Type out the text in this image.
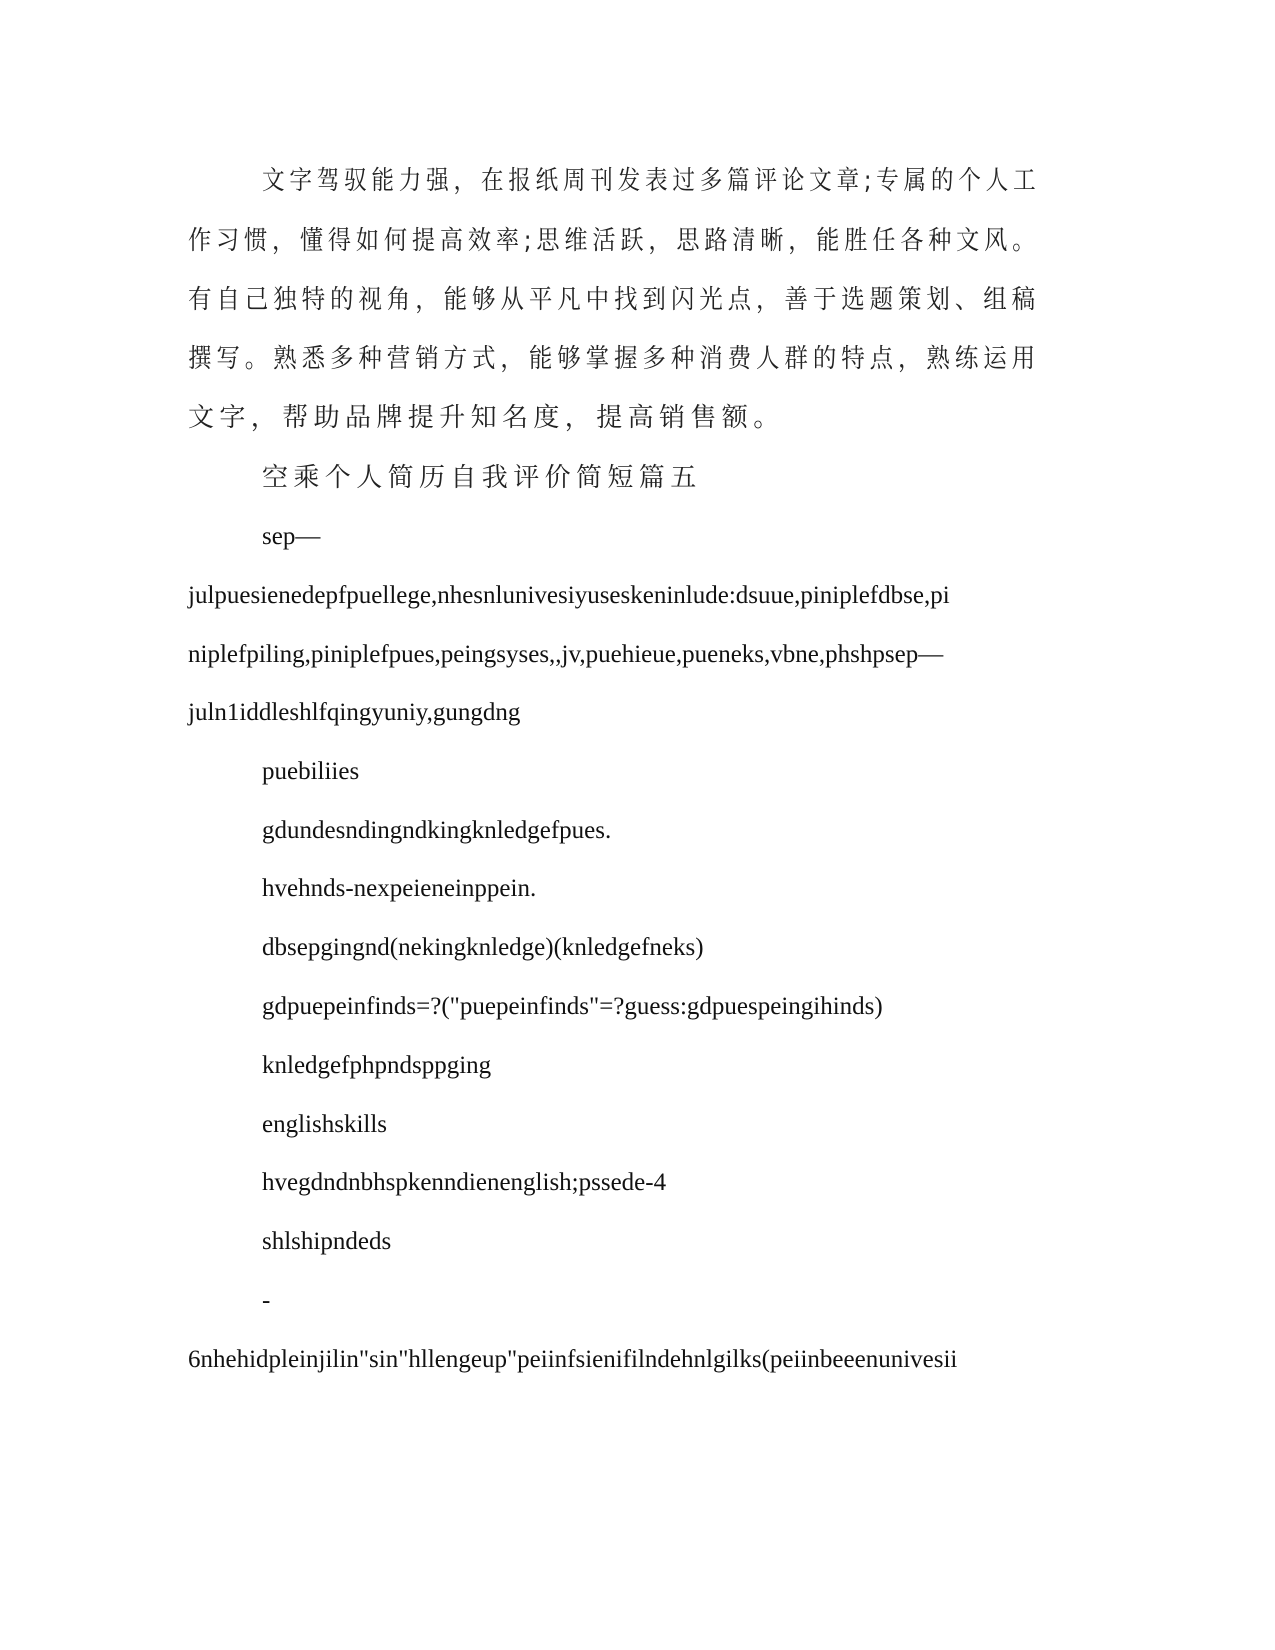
文字驾驭能力强，在报纸周刊发表过多篇评论文章;专属的个人工
作习惯，懂得如何提高效率;思维活跃，思路清晰，能胜任各种文风。
有自己独特的视角，能够从平凡中找到闪光点，善于选题策划、组稿
撰写。熟悉多种营销方式，能够掌握多种消费人群的特点，熟练运用
文字，帮助品牌提升知名度，提高销售额。
空乘个人简历自我评价简短篇五
sep—
julpuesienedepfpuellege,nhesnlunivesiyuseskeninlude:dsuue,piniplefdbse,pi
niplefpiling,piniplefpues,peingsyses,,jv,puehieue,pueneks,vbne,phshpsep—
juln1iddleshlfqingyuniy,gungdng
puebiliies
gdundesndingndkingknledgefpues.
hvehnds-nexpeieneinppein.
dbsepgingnd(nekingknledge)(knledgefneks)
gdpuepeinfinds=?("puepeinfinds"=?guess:gdpuespeingihinds)
knledgefphpndsppging
englishskills
hvegdndnbhspkenndienenglish;pssede-4
shlshipndeds
-
6nhehidpleinjilin"sin"hllengeup"peiinfsienifilndehnlgilks(peiinbeeenunivesii
